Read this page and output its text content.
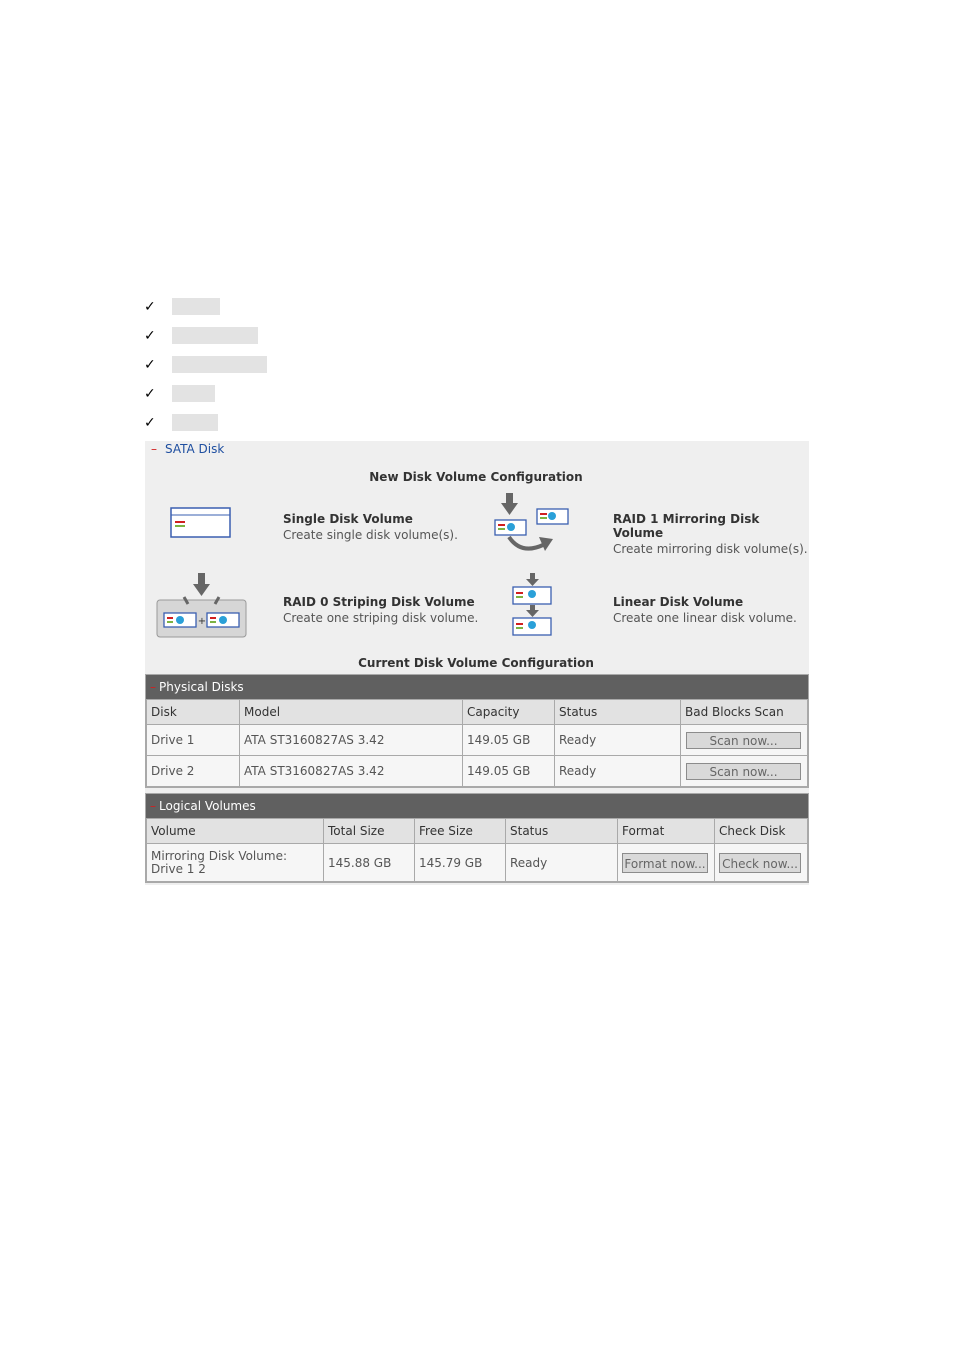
✓
✓
✓
✓
✓
– SATA Disk
New Disk Volume Configuration
Single Disk Volume
Create single disk volume(s).
RAID 1 Mirroring Disk Volume
Create mirroring disk volume(s).
+
RAID 0 Striping Disk Volume
Create one striping disk volume.
Linear Disk Volume
Create one linear disk volume.
Current Disk Volume Configuration
– Physical Disks
Disk	Model	Capacity	Status	Bad Blocks Scan
Drive 1	ATA ST3160827AS 3.42	149.05 GB	Ready	Scan now...
Drive 2	ATA ST3160827AS 3.42	149.05 GB	Ready	Scan now...
– Logical Volumes
Volume	Total Size	Free Size	Status	Format	Check Disk
Mirroring Disk Volume: Drive 1 2	145.88 GB	145.79 GB	Ready	Format now...	Check now...
